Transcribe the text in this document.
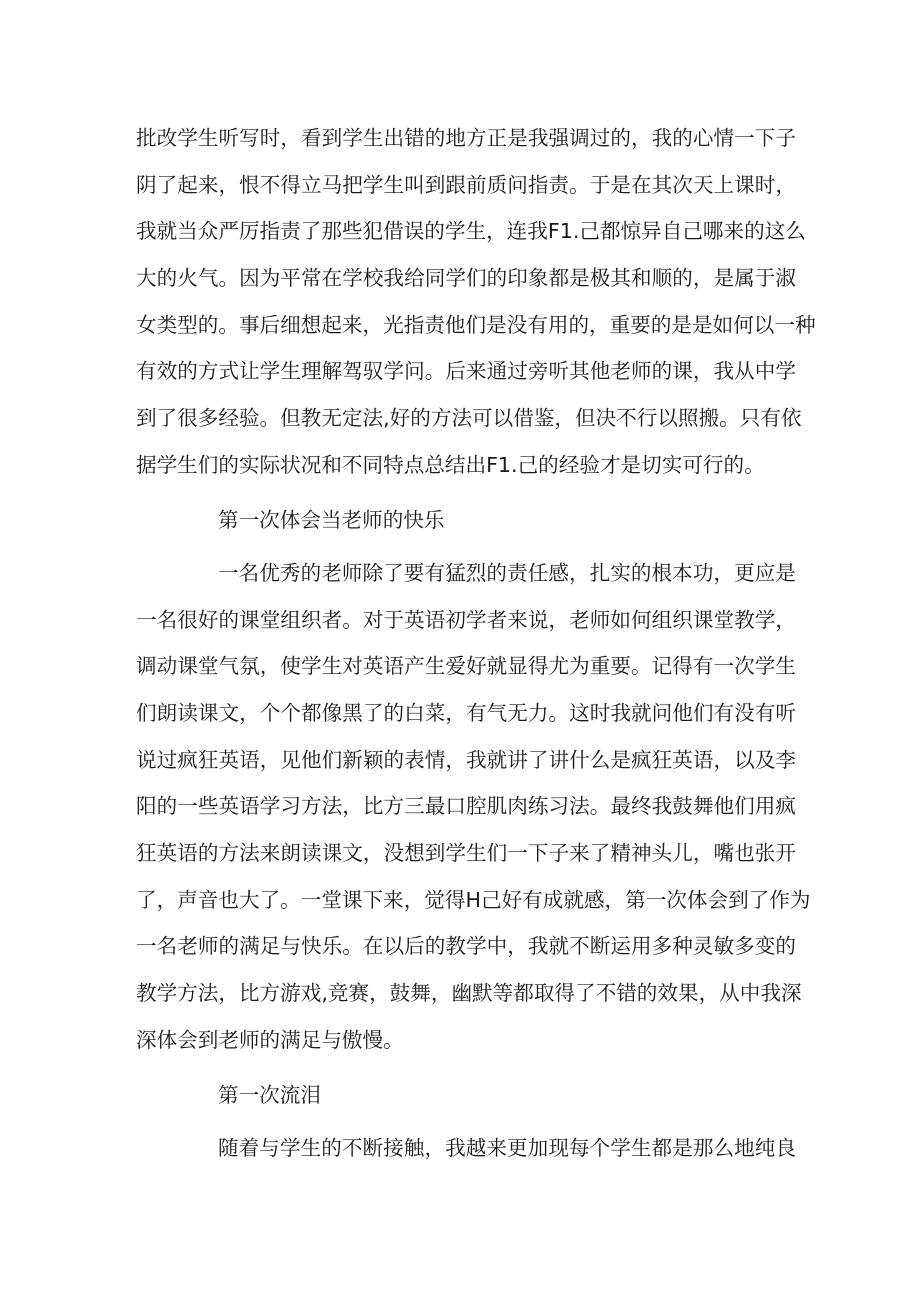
批改学生听写时，看到学生出错的地方正是我强调过的，我的心情一下子
阴了起来，恨不得立马把学生叫到跟前质问指责。于是在其次天上课时，
我就当众严厉指责了那些犯借误的学生，连我F1.己都惊异自己哪来的这么
大的火气。因为平常在学校我给同学们的印象都是极其和顺的，是属于淑
女类型的。事后细想起来，光指责他们是没有用的，重要的是是如何以一种
有效的方式让学生理解驾驭学问。后来通过旁听其他老师的课，我从中学
到了很多经验。但教无定法,好的方法可以借鉴，但决不行以照搬。只有依
据学生们的实际状况和不同特点总结出F1.己的经验才是切实可行的。
第一次体会当老师的快乐
一名优秀的老师除了要有猛烈的责任感，扎实的根本功，更应是
一名很好的课堂组织者。对于英语初学者来说，老师如何组织课堂教学，
调动课堂气氛，使学生对英语产生爱好就显得尤为重要。记得有一次学生
们朗读课文，个个都像黑了的白菜，有气无力。这时我就问他们有没有听
说过疯狂英语，见他们新颖的表情，我就讲了讲什么是疯狂英语，以及李
阳的一些英语学习方法，比方三最口腔肌肉练习法。最终我鼓舞他们用疯
狂英语的方法来朗读课文，没想到学生们一下子来了精神头儿，嘴也张开
了，声音也大了。一堂课下来，觉得H己好有成就感，第一次体会到了作为
一名老师的满足与快乐。在以后的教学中，我就不断运用多种灵敏多变的
教学方法，比方游戏,竞赛，鼓舞，幽默等都取得了不错的效果，从中我深
深体会到老师的满足与傲慢。
第一次流泪
随着与学生的不断接触，我越来更加现每个学生都是那么地纯良
